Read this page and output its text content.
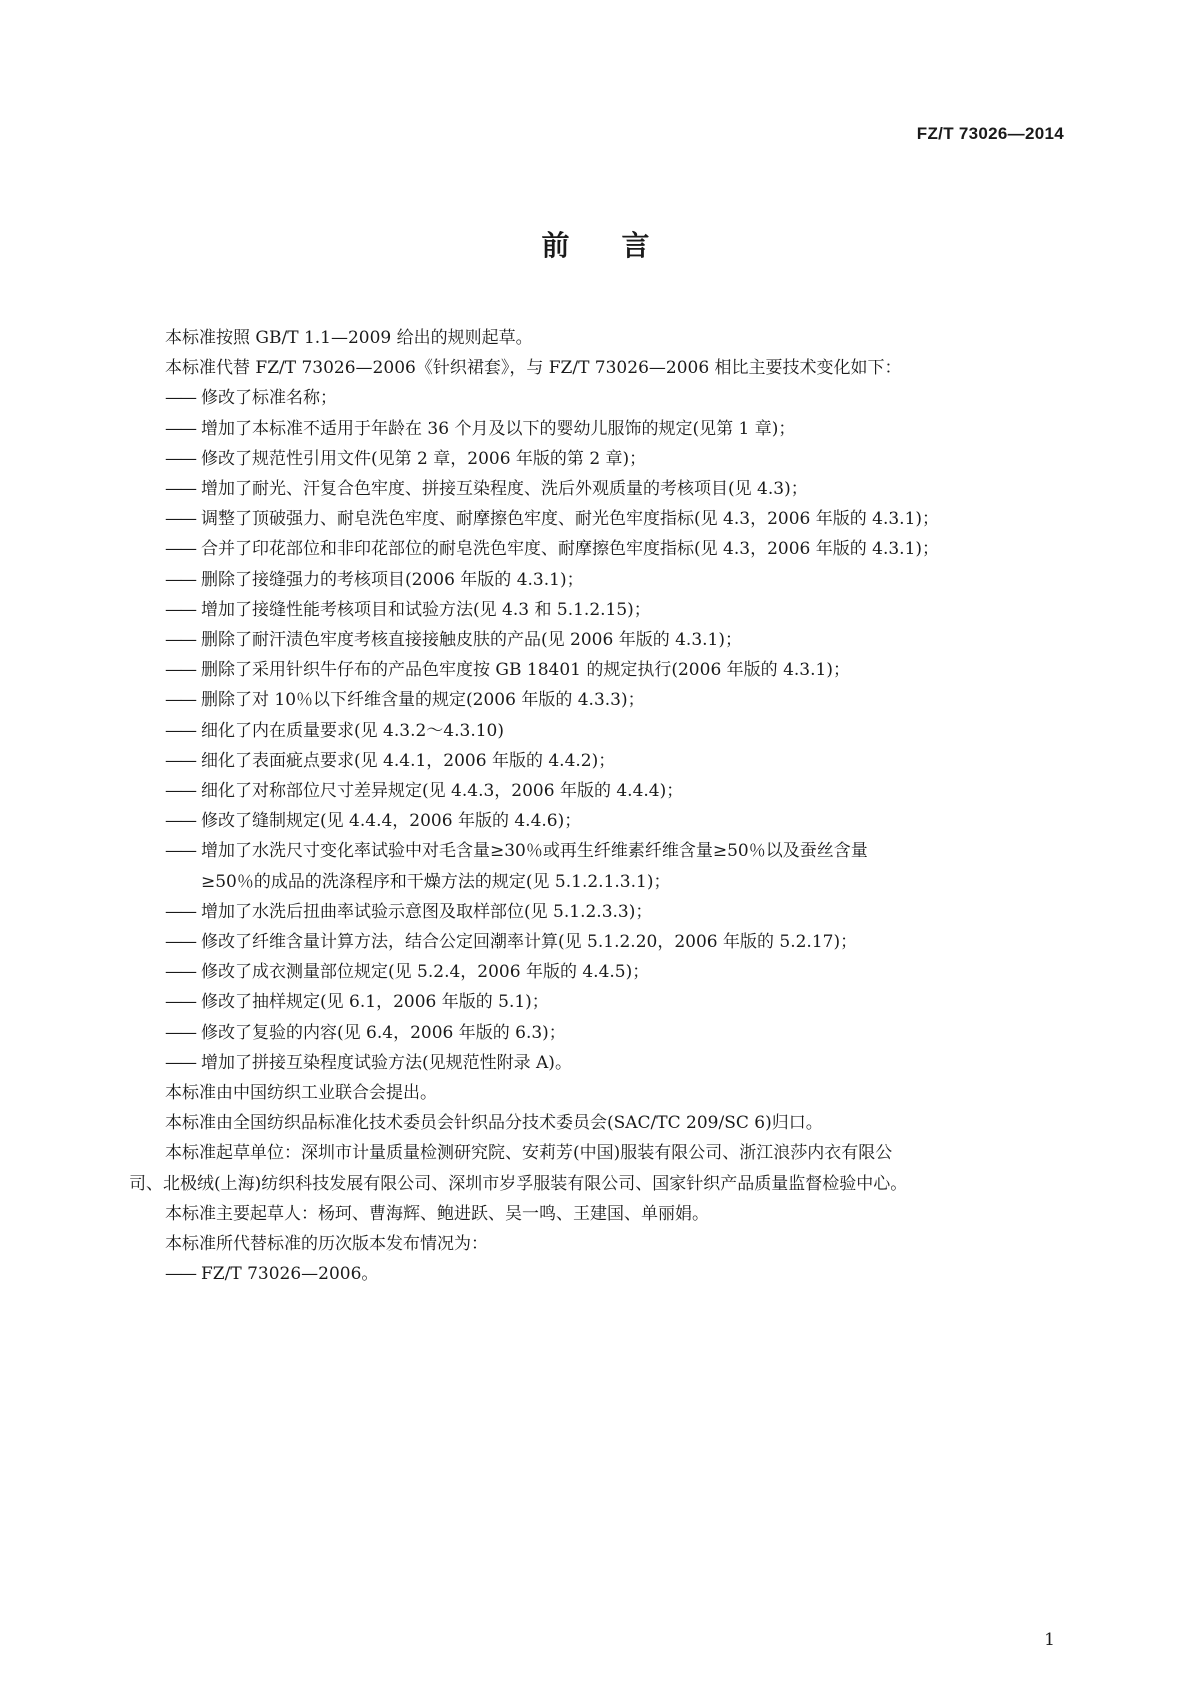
FZ/T 73026—2014
前言

本标准按照 GB/T 1.1—2009 给出的规则起草。

本标准代替 FZ/T 73026—2006《针织裙套》，与 FZ/T 73026—2006 相比主要技术变化如下：

—— 修改了标准名称；

—— 增加了本标准不适用于年龄在 36 个月及以下的婴幼儿服饰的规定(见第 1 章)；

—— 修改了规范性引用文件(见第 2 章，2006 年版的第 2 章)；

—— 增加了耐光、汗复合色牢度、拼接互染程度、洗后外观质量的考核项目(见 4.3)；

—— 调整了顶破强力、耐皂洗色牢度、耐摩擦色牢度、耐光色牢度指标(见 4.3，2006 年版的 4.3.1)；

—— 合并了印花部位和非印花部位的耐皂洗色牢度、耐摩擦色牢度指标(见 4.3，2006 年版的 4.3.1)；

—— 删除了接缝强力的考核项目(2006 年版的 4.3.1)；

—— 增加了接缝性能考核项目和试验方法(见 4.3 和 5.1.2.15)；

—— 删除了耐汗渍色牢度考核直接接触皮肤的产品(见 2006 年版的 4.3.1)；

—— 删除了采用针织牛仔布的产品色牢度按 GB 18401 的规定执行(2006 年版的 4.3.1)；

—— 删除了对 10％以下纤维含量的规定(2006 年版的 4.3.3)；

—— 细化了内在质量要求(见 4.3.2～4.3.10)

—— 细化了表面疵点要求(见 4.4.1，2006 年版的 4.4.2)；

—— 细化了对称部位尺寸差异规定(见 4.4.3，2006 年版的 4.4.4)；

—— 修改了缝制规定(见 4.4.4，2006 年版的 4.4.6)；

—— 增加了水洗尺寸变化率试验中对毛含量≥30％或再生纤维素纤维含量≥50％以及蚕丝含量

≥50％的成品的洗涤程序和干燥方法的规定(见 5.1.2.1.3.1)；

—— 增加了水洗后扭曲率试验示意图及取样部位(见 5.1.2.3.3)；

—— 修改了纤维含量计算方法，结合公定回潮率计算(见 5.1.2.20，2006 年版的 5.2.17)；

—— 修改了成衣测量部位规定(见 5.2.4，2006 年版的 4.4.5)；

—— 修改了抽样规定(见 6.1，2006 年版的 5.1)；

—— 修改了复验的内容(见 6.4，2006 年版的 6.3)；

—— 增加了拼接互染程度试验方法(见规范性附录 A)。

本标准由中国纺织工业联合会提出。

本标准由全国纺织品标准化技术委员会针织品分技术委员会(SAC/TC 209/SC 6)归口。

本标准起草单位：深圳市计量质量检测研究院、安莉芳(中国)服装有限公司、浙江浪莎内衣有限公

司、北极绒(上海)纺织科技发展有限公司、深圳市岁孚服装有限公司、国家针织产品质量监督检验中心。

本标准主要起草人：杨珂、曹海辉、鲍进跃、吴一鸣、王建国、单丽娟。

本标准所代替标准的历次版本发布情况为：

—— FZ/T 73026—2006。

1
